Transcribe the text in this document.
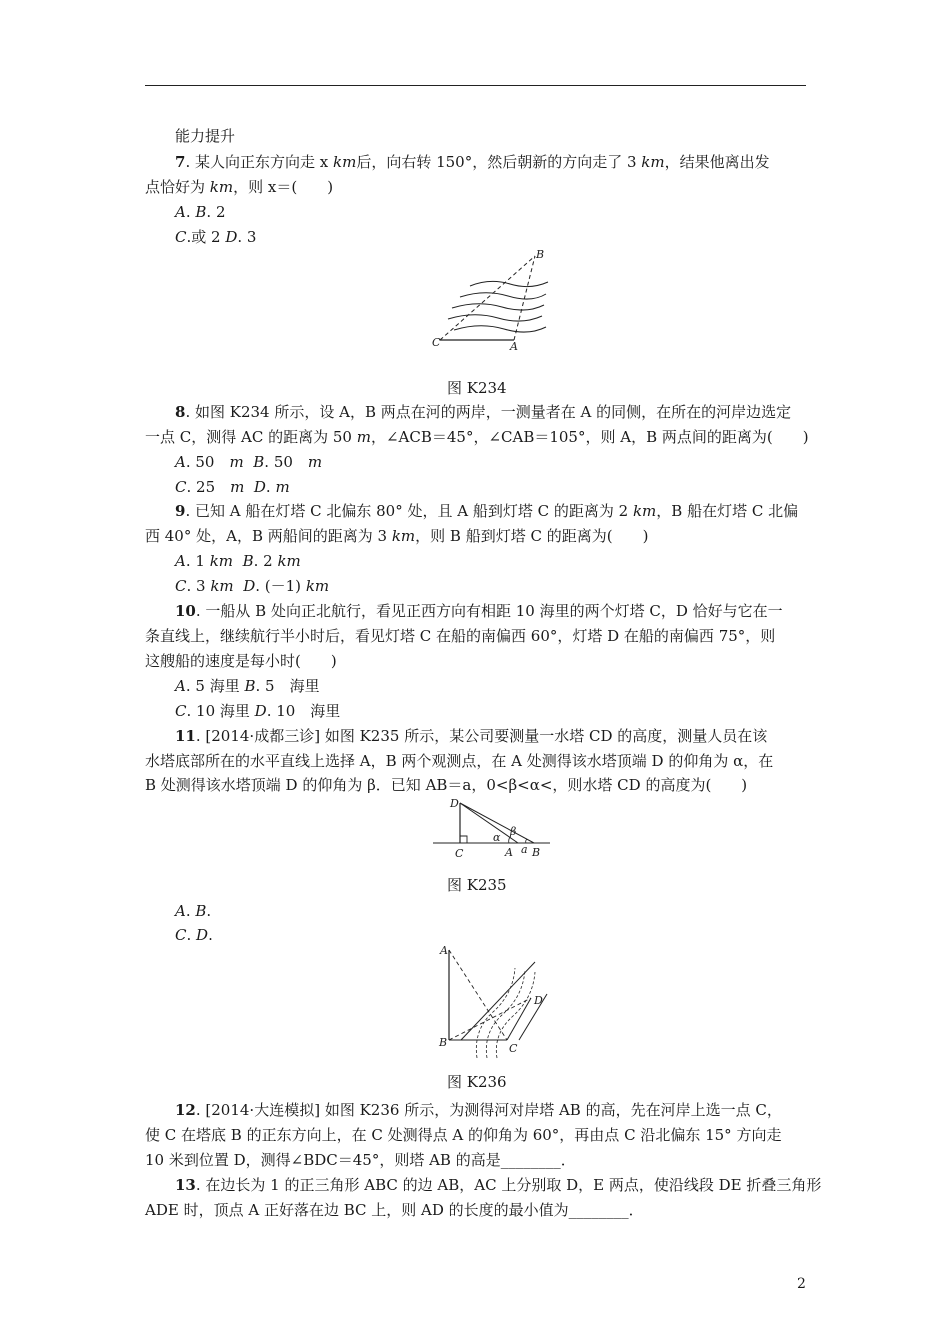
能力提升
7. 某人向正东方向走 x km后，向右转 150°，然后朝新的方向走了 3 km，结果他离出发
点恰好为 km，则 x＝(　　)
A. B. 2
C.或 2 D. 3
B
C	A
图 K234
8. 如图 K234 所示，设 A，B 两点在河的两岸，一测量者在 A 的同侧，在所在的河岸边选定
一点 C，测得 AC 的距离为 50 m，∠ACB＝45°，∠CAB＝105°，则 A，B 两点间的距离为(　　)
A. 50　m B. 50　m
C. 25　m D. m
9. 已知 A 船在灯塔 C 北偏东 80° 处，且 A 船到灯塔 C 的距离为 2 km，B 船在灯塔 C 北偏
西 40° 处，A，B 两船间的距离为 3 km，则 B 船到灯塔 C 的距离为(　　)
A. 1 km B. 2 km
C. 3 km D. (－1) km
10. 一船从 B 处向正北航行，看见正西方向有相距 10 海里的两个灯塔 C，D 恰好与它在一
条直线上，继续航行半小时后，看见灯塔 C 在船的南偏西 60°，灯塔 D 在船的南偏西 75°，则
这艘船的速度是每小时(　　)
A. 5 海里 B. 5　海里
C. 10 海里 D. 10　海里
11. [2014·成都三诊] 如图 K235 所示，某公司要测量一水塔 CD 的高度，测量人员在该
水塔底部所在的水平直线上选择 A，B 两个观测点，在 A 处测得该水塔顶端 D 的仰角为 α，在
B 处测得该水塔顶端 D 的仰角为 β．已知 AB＝a，0<β<α<，则水塔 CD 的高度为(　　)
D
C
α β
A a B
图 K235
A. B.
C. D.
A
B	C
D
图 K236
12. [2014·大连模拟] 如图 K236 所示，为测得河对岸塔 AB 的高，先在河岸上选一点 C，
使 C 在塔底 B 的正东方向上，在 C 处测得点 A 的仰角为 60°，再由点 C 沿北偏东 15° 方向走
10 米到位置 D，测得∠BDC＝45°，则塔 AB 的高是________．
13. 在边长为 1 的正三角形 ABC 的边 AB，AC 上分别取 D，E 两点，使沿线段 DE 折叠三角形
ADE 时，顶点 A 正好落在边 BC 上，则 AD 的长度的最小值为________．
2
